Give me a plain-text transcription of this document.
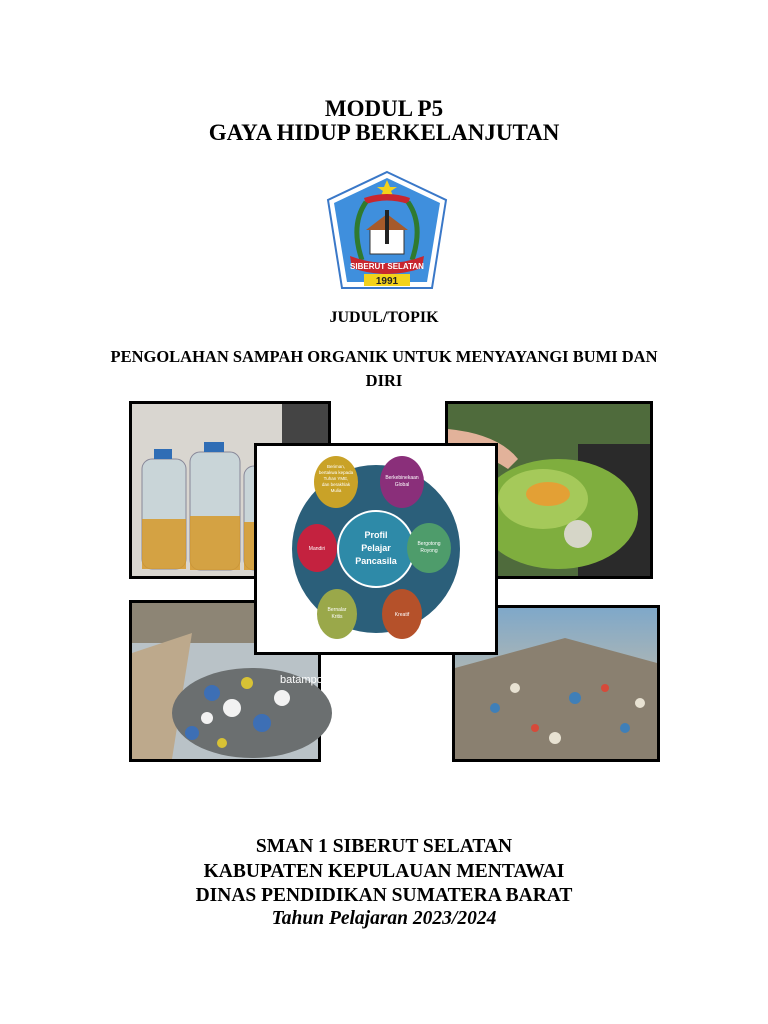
MODUL P5
GAYA HIDUP BERKELANJUTAN
SIBERUT SELATAN
1991
JUDUL/TOPIK
PENGOLAHAN SAMPAH ORGANIK UNTUK MENYAYANGI BUMI DAN DIRI
batampos
Profil
Pelajar
Pancasila
Beriman,
bertakwa kepada
Tuhan YME,
dan berakhlak
Mulia
Berkebinekaan
Global
Bergotong
Royong
Kreatif
Bernalar
Kritis
Mandiri
SMAN 1 SIBERUT SELATAN
KABUPATEN KEPULAUAN MENTAWAI
DINAS PENDIDIKAN SUMATERA BARAT
Tahun Pelajaran 2023/2024
